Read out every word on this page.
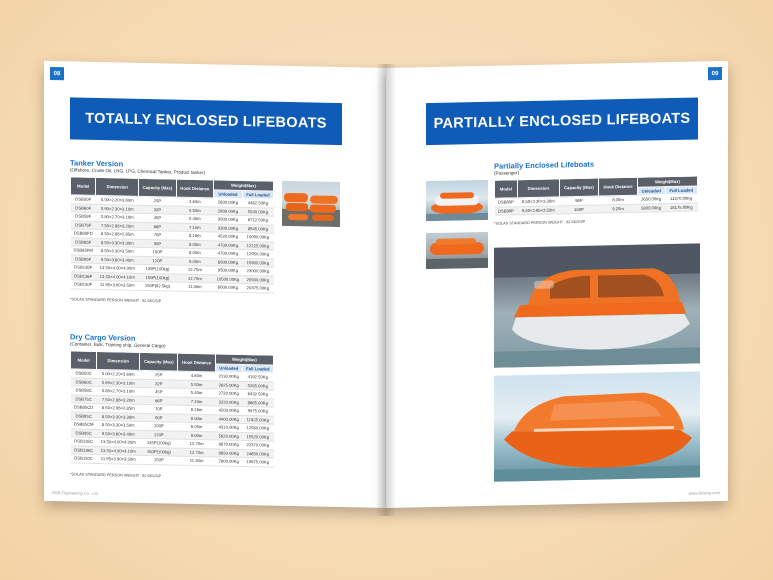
08
TOTALLY ENCLOSED LIFEBOATS
Tanker Version
(Offshore, Crude Oil, LNG, LPG, Chemical Tanker, Product tanker)
Model	Dimension	Capacity (Max)	Hook Distance	Weight(Max)	
				Unloaded	Full Loaded
DSB50F	5.00×2.20×3.60m	25P	4.60m	2600.00Kg	4462.50Kg
DSB60F	5.90×2.30×3.10m	32P	5.50m	2900.00Kg	5540.00Kg
DSB58F	5.80×2.70×3.10m	45P	5.40m	3000.00Kg	6712.50Kg
DSB75F	7.50×2.86×3.20m	66P	7.10m	3300.00Kg	8945.00Kg
DSB85FD	8.50×2.86×2.85m	70P	8.18m	4520.00Kg	10090.00Kg
DSB85F	8.50×3.30×3.30m	90P	8.00m	4700.00Kg	12125.00Kg
DSB85FM	8.50×3.30×3.50m	100P	8.05m	4700.00Kg	12950.00Kg
DSB95F	9.50×3.60×3.40m	120P	9.00m	6000.00Kg	15900.00Kg
DSB135F	13.50×4.00×4.00m	135P(100kg)	12.70m	9500.00Kg	23000.00Kg
DSB136F	13.50×4.00×4.10m	150P(100kg)	12.70m	10500.00Kg	25500.00Kg
DSB150F	11.95×3.90×3.50m	150P(82.5kg)	11.30m	8000.00Kg	20375.00Kg
*SOLAS STANDARD PERSON WEIGHT : 82.5KGS/P
Dry Cargo Version
(Container, Bulk, Training ship, General Cargo)
Model	Dimension	Capacity (Max)	Hook Distance	Weight(Max)	
				Unloaded	Full Loaded
DSB50C	5.00×2.20×3.60m	25P	4.60m	2130.00Kg	4192.50Kg
DSB60C	5.90×2.30×3.10m	32P	5.50m	2625.00Kg	5265.00Kg
DSB58C	5.80×2.70×3.10m	45P	5.40m	2720.00Kg	6432.50Kg
DSB75C	7.50×2.86×3.20m	66P	7.10m	3220.00Kg	8665.00Kg
DSB85CD	8.50×2.86×2.85m	70P	8.18m	4200.00Kg	9975.00Kg
DSB85C	8.50×3.30×3.30m	90P	8.00m	4400.00Kg	11825.00Kg
DSB85CM	8.50×3.30×3.50m	100P	8.05m	4310.00Kg	12560.00Kg
DSB95C	9.50×3.60×3.40m	120P	9.00m	5620.00Kg	15520.00Kg
DSB135C	13.50×4.00×4.00m	135P(100kg)	12.70m	8870.00Kg	22370.00Kg
DSB136C	13.50×4.00×4.10m	150P(100kg)	12.70m	9650.00Kg	24650.00Kg
DSB150C	11.95×3.90×3.50m	150P	11.30m	7600.00Kg	19975.00Kg
*SOLAS STANDARD PERSON WEIGHT : 82.5KGS/P
DSB Engineering Co., Ltd.
09
PARTIALLY ENCLOSED LIFEBOATS
Partially Enclosed Lifeboats
(Passenger)
Model	Dimension	Capacity (Max)	Hook Distance	Weight(Max)	
				Unloaded	Full Loaded
DSB85P	8.50×3.30×3.30m	96P	8.00m	3650.00Kg	11570.00Kg
DSB96P	9.60×3.95×3.50m	150P	9.20m	5800.00Kg	18175.00Kg
*SOLAS STANDARD PERSON WEIGHT : 82.5KGS/P
www.dsbeng.com
